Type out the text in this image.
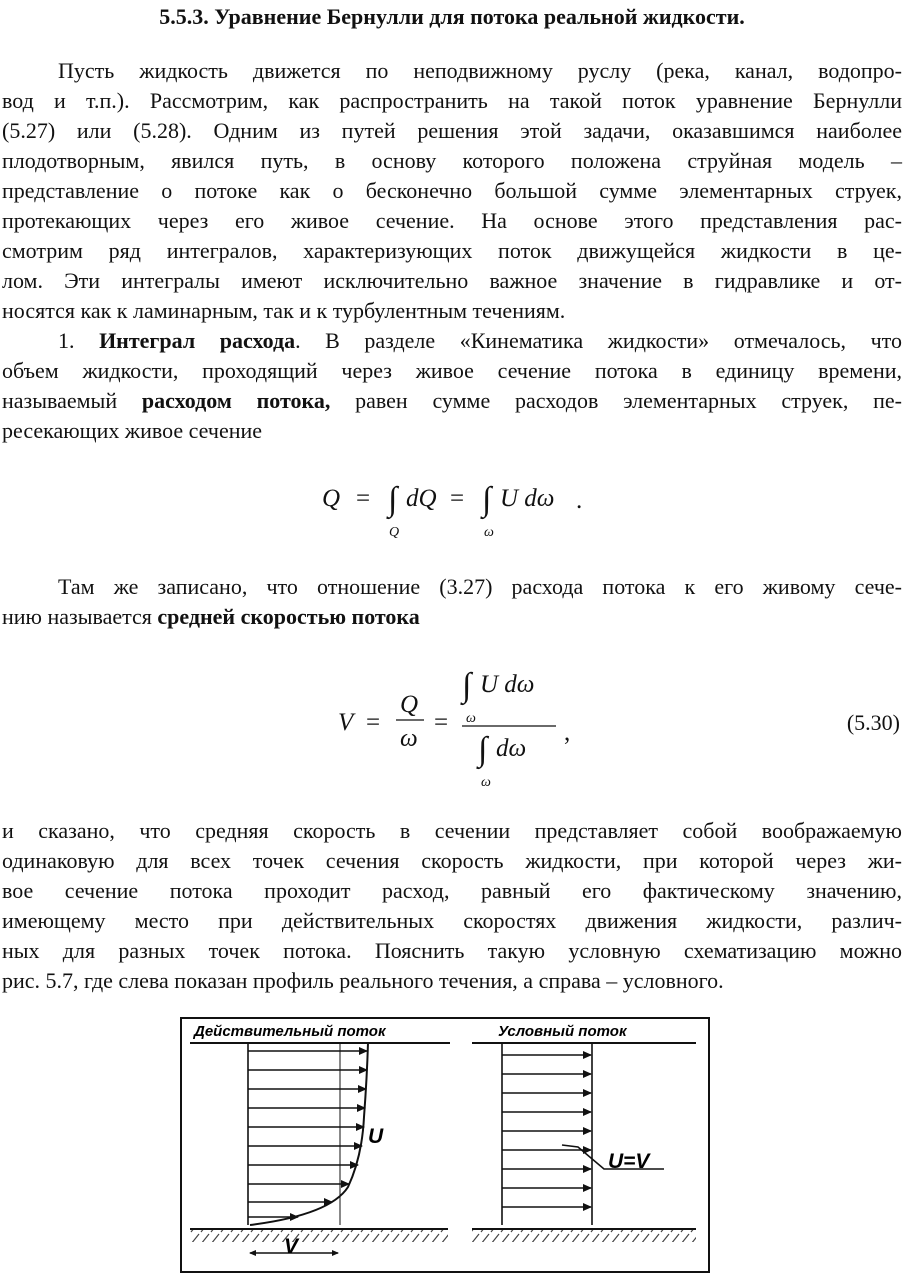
5.5.3. Уравнение Бернулли для потока реальной жидкости.
Пусть жидкость движется по неподвижному руслу (река, канал, водопро-
вод и т.п.). Рассмотрим, как распространить на такой поток уравнение Бернулли
(5.27) или (5.28). Одним из путей решения этой задачи, оказавшимся наиболее
плодотворным, явился путь, в основу которого положена струйная модель –
представление о потоке как о бесконечно большой сумме элементарных струек,
протекающих через его живое сечение. На основе этого представления рас-
смотрим ряд интегралов, характеризующих поток движущейся жидкости в це-
лом. Эти интегралы имеют исключительно важное значение в гидравлике и от-
носятся как к ламинарным, так и к турбулентным течениям.
1. Интеграл расхода. В разделе «Кинематика жидкости» отмечалось, что
объем жидкости, проходящий через живое сечение потока в единицу времени,
называемый расходом потока, равен сумме расходов элементарных струек, пе-
ресекающих живое сечение
Q = ∫ dQ
Q
= ∫ U dω
ω
.
Там же записано, что отношение (3.27) расхода потока к его живому сече-
нию называется средней скоростью потока
V =
Q
ω
=
∫ U dω
ω
∫ dω
ω
,	(5.30)
и сказано, что средняя скорость в сечении представляет собой воображаемую
одинаковую для всех точек сечения скорость жидкости, при которой через жи-
вое сечение потока проходит расход, равный его фактическому значению,
имеющему место при действительных скоростях движения жидкости, различ-
ных для разных точек потока. Пояснить такую условную схематизацию можно
рис. 5.7, где слева показан профиль реального течения, а справа – условного.
Действительный поток
U
V
Условный поток
U=V
